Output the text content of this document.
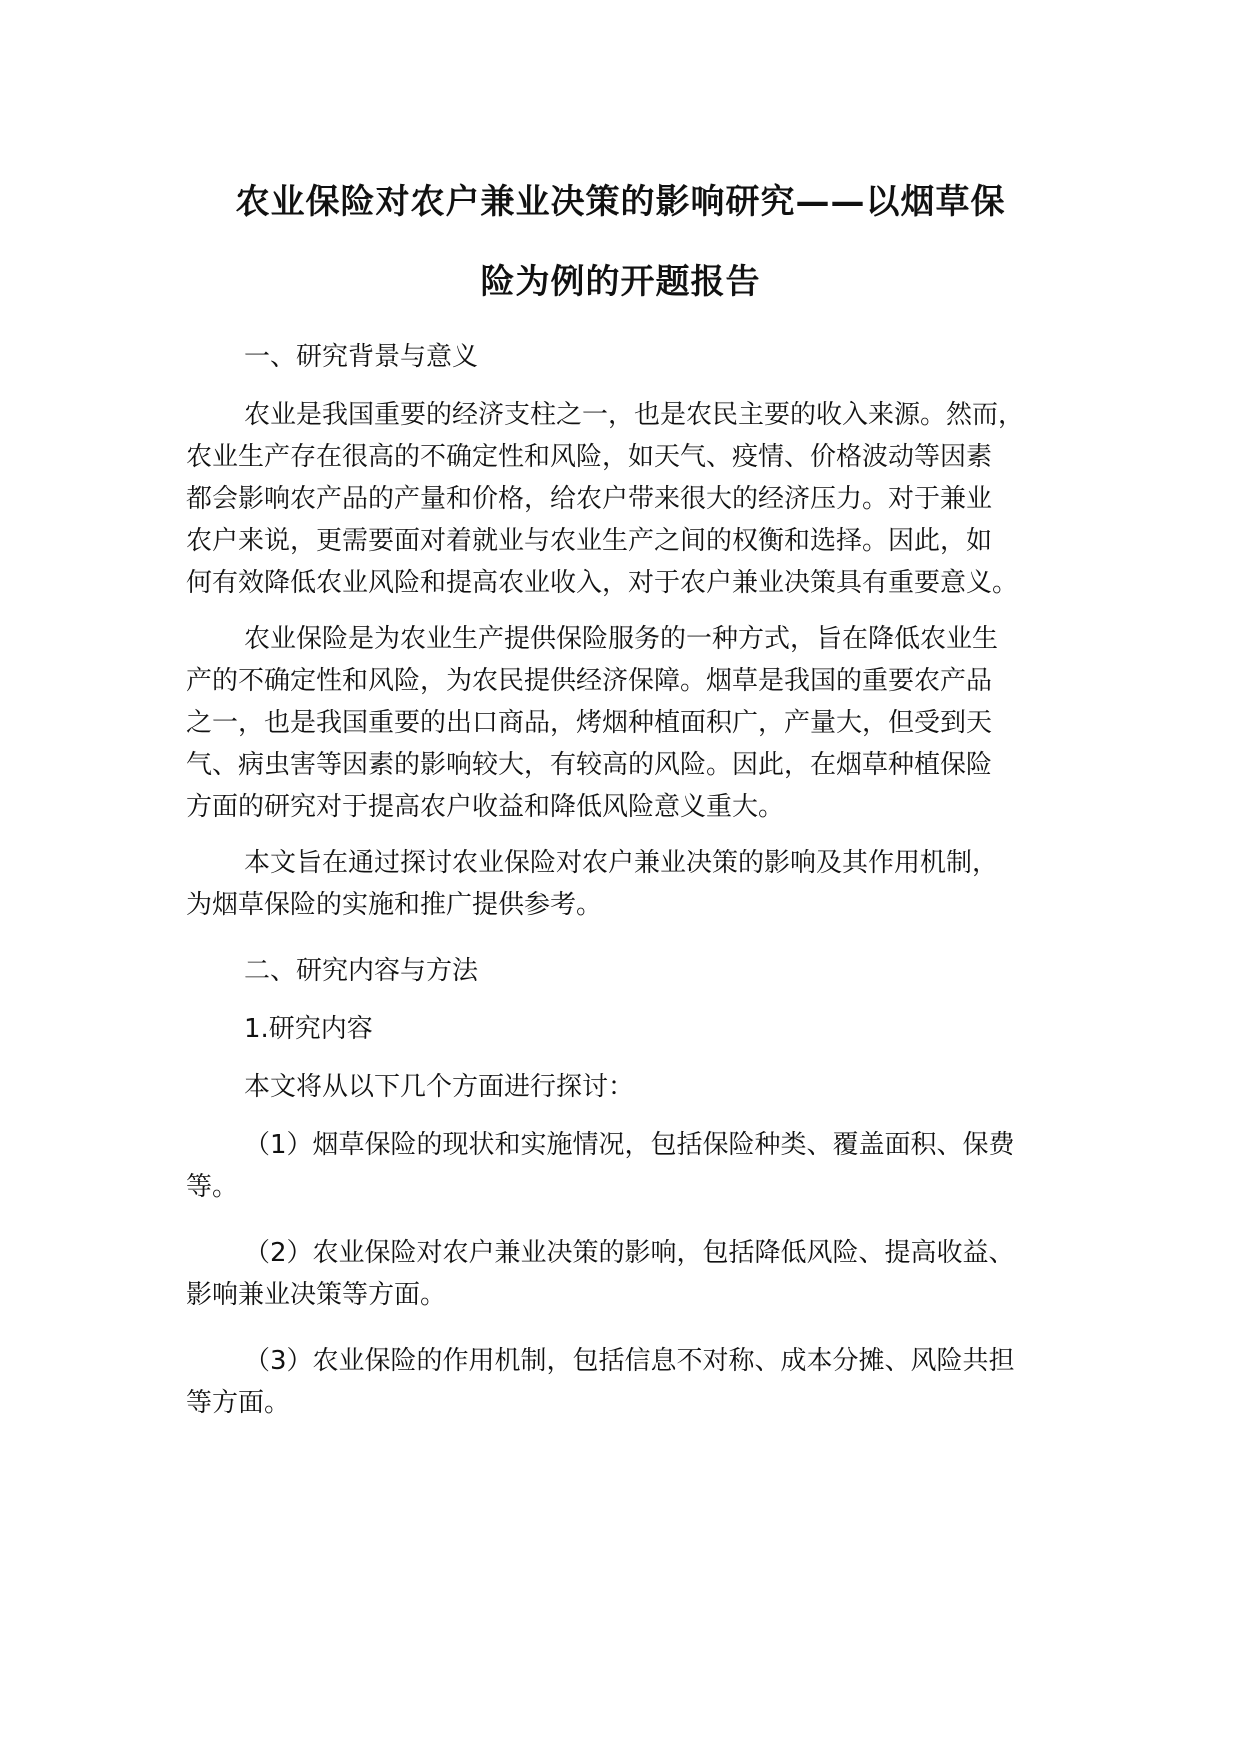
农业保险对农户兼业决策的影响研究——以烟草保
险为例的开题报告
一、研究背景与意义
农业是我国重要的经济支柱之一，也是农民主要的收入来源。然而，
农业生产存在很高的不确定性和风险，如天气、疫情、价格波动等因素
都会影响农产品的产量和价格，给农户带来很大的经济压力。对于兼业
农户来说，更需要面对着就业与农业生产之间的权衡和选择。因此，如
何有效降低农业风险和提高农业收入，对于农户兼业决策具有重要意义。
农业保险是为农业生产提供保险服务的一种方式，旨在降低农业生
产的不确定性和风险，为农民提供经济保障。烟草是我国的重要农产品
之一，也是我国重要的出口商品，烤烟种植面积广，产量大，但受到天
气、病虫害等因素的影响较大，有较高的风险。因此，在烟草种植保险
方面的研究对于提高农户收益和降低风险意义重大。
本文旨在通过探讨农业保险对农户兼业决策的影响及其作用机制，
为烟草保险的实施和推广提供参考。
二、研究内容与方法
1.研究内容
本文将从以下几个方面进行探讨：
（1）烟草保险的现状和实施情况，包括保险种类、覆盖面积、保费
等。
（2）农业保险对农户兼业决策的影响，包括降低风险、提高收益、
影响兼业决策等方面。
（3）农业保险的作用机制，包括信息不对称、成本分摊、风险共担
等方面。
